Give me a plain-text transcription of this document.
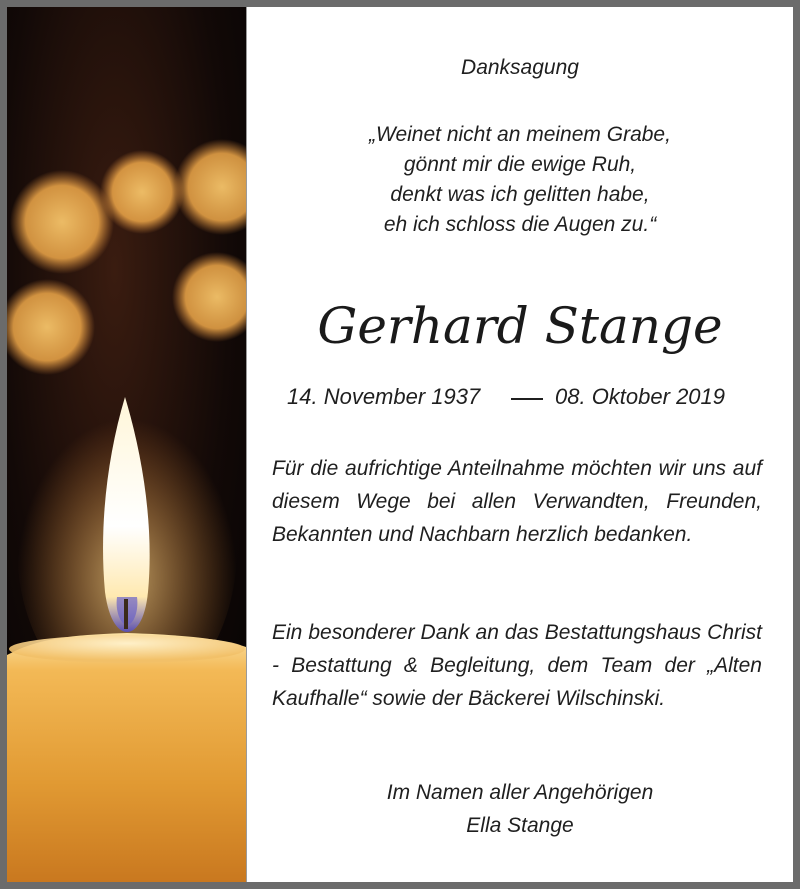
Danksagung

„Weinet nicht an meinem Grabe,

gönnt mir die ewige Ruh,

denkt was ich gelitten habe,

eh ich schloss die Augen zu.“

Gerhard Stange

14. November 1937	08. Oktober 2019

Für die aufrichtige Anteilnahme möchten wir uns auf diesem Wege bei allen Verwandten, Freunden, Bekannten und Nachbarn herzlich bedanken.

Ein besonderer Dank an das Bestattungshaus Christ - Bestattung & Begleitung, dem Team der „Alten Kaufhalle“ sowie der Bäckerei Wilschinski.

Im Namen aller Angehörigen

Ella Stange
